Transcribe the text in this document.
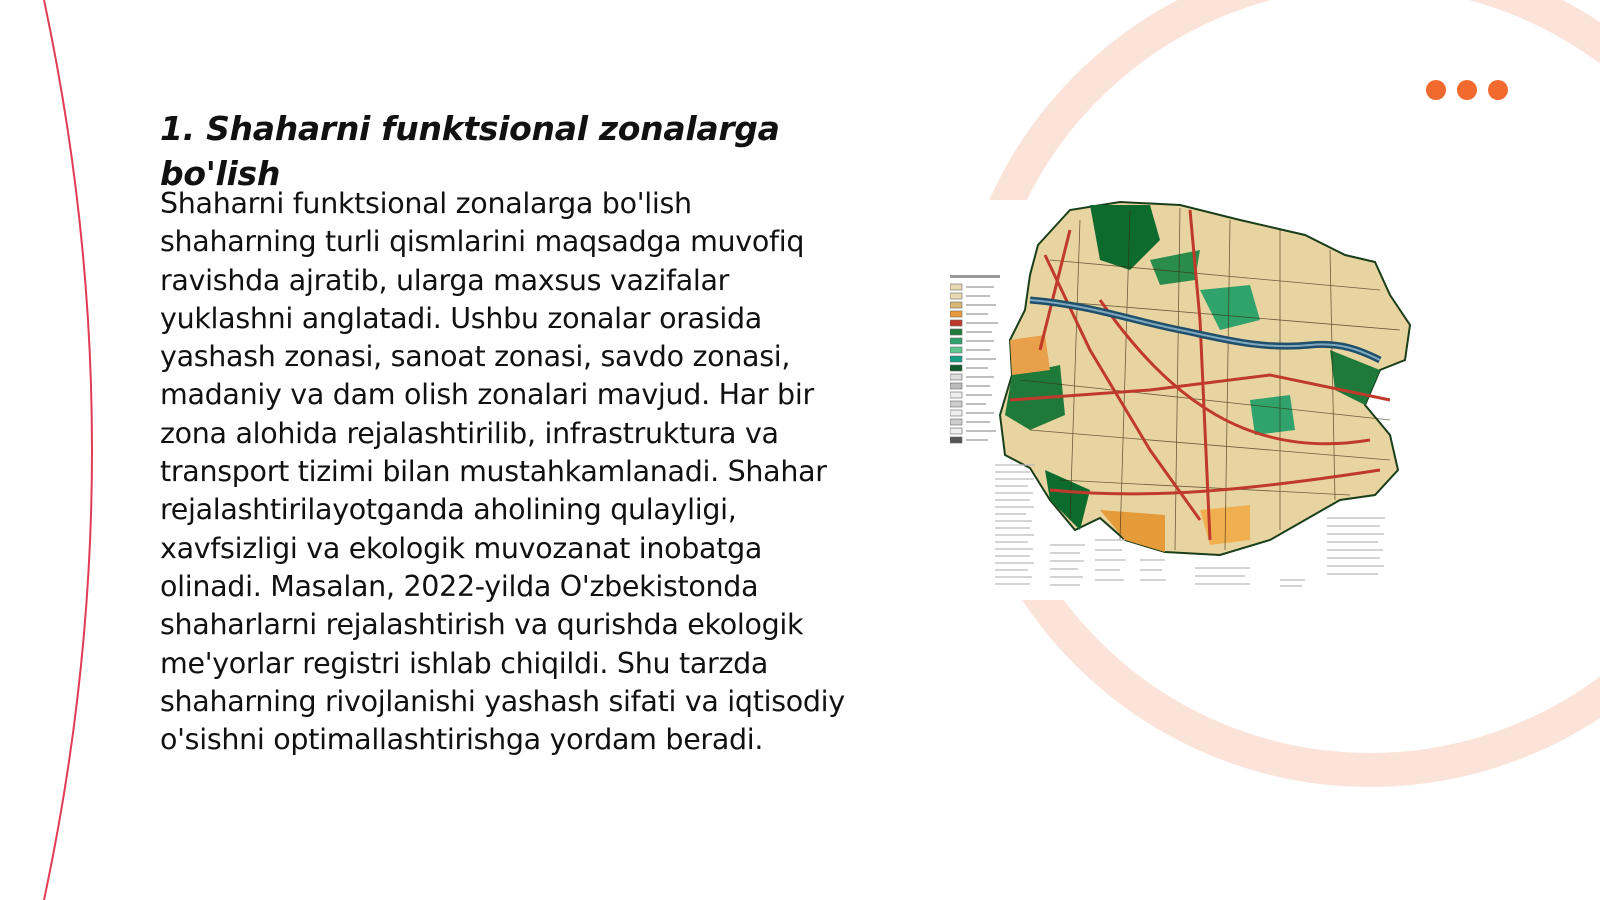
1. Shaharni funktsional zonalarga bo'lish

Shaharni funktsional zonalarga bo'lish shaharning turli qismlarini maqsadga muvofiq ravishda ajratib, ularga maxsus vazifalar yuklashni anglatadi. Ushbu zonalar orasida yashash zonasi, sanoat zonasi, savdo zonasi, madaniy va dam olish zonalari mavjud. Har bir zona alohida rejalashtirilib, infrastruktura va transport tizimi bilan mustahkamlanadi. Shahar rejalashtirilayotganda aholining qulayligi, xavfsizligi va ekologik muvozanat inobatga olinadi. Masalan, 2022-yilda O'zbekistonda shaharlarni rejalashtirish va qurishda ekologik me'yorlar registri ishlab chiqildi. Shu tarzda shaharning rivojlanishi yashash sifati va iqtisodiy o'sishni optimallashtirishga yordam beradi.
